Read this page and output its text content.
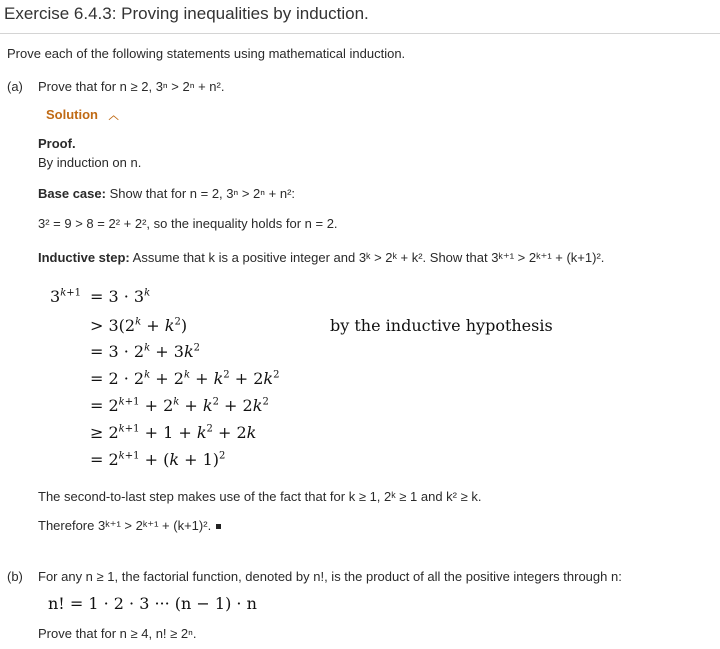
Exercise 6.4.3: Proving inequalities by induction.
Prove each of the following statements using mathematical induction.
(a) Prove that for n ≥ 2, 3ⁿ > 2ⁿ + n².
Solution ︿
Proof.
By induction on n.
Base case: Show that for n = 2, 3ⁿ > 2ⁿ + n²:
3² = 9 > 8 = 2² + 2², so the inequality holds for n = 2.
Inductive step: Assume that k is a positive integer and 3ᵏ > 2ᵏ + k². Show that 3ᵏ⁺¹ > 2ᵏ⁺¹ + (k+1)².
$3^{k+1} = 3 \cdot 3^k$
> $3(2^k + k^2)$	by the inductive hypothesis
= $3 \cdot 2^k + 3k^2$
= $2 \cdot 2^k + 2^k + k^2 + 2k^2$
= $2^{k+1} + 2^k + k^2 + 2k^2$
≥ $2^{k+1} + 1 + k^2 + 2k$
= $2^{k+1} + (k + 1)^2$
The second-to-last step makes use of the fact that for k ≥ 1, 2ᵏ ≥ 1 and k² ≥ k.
Therefore 3ᵏ⁺¹ > 2ᵏ⁺¹ + (k+1)².
(b) For any n ≥ 1, the factorial function, denoted by n!, is the product of all the positive integers through n:
n! = 1 · 2 · 3 ··· (n − 1) · n
Prove that for n ≥ 4, n! ≥ 2ⁿ.
